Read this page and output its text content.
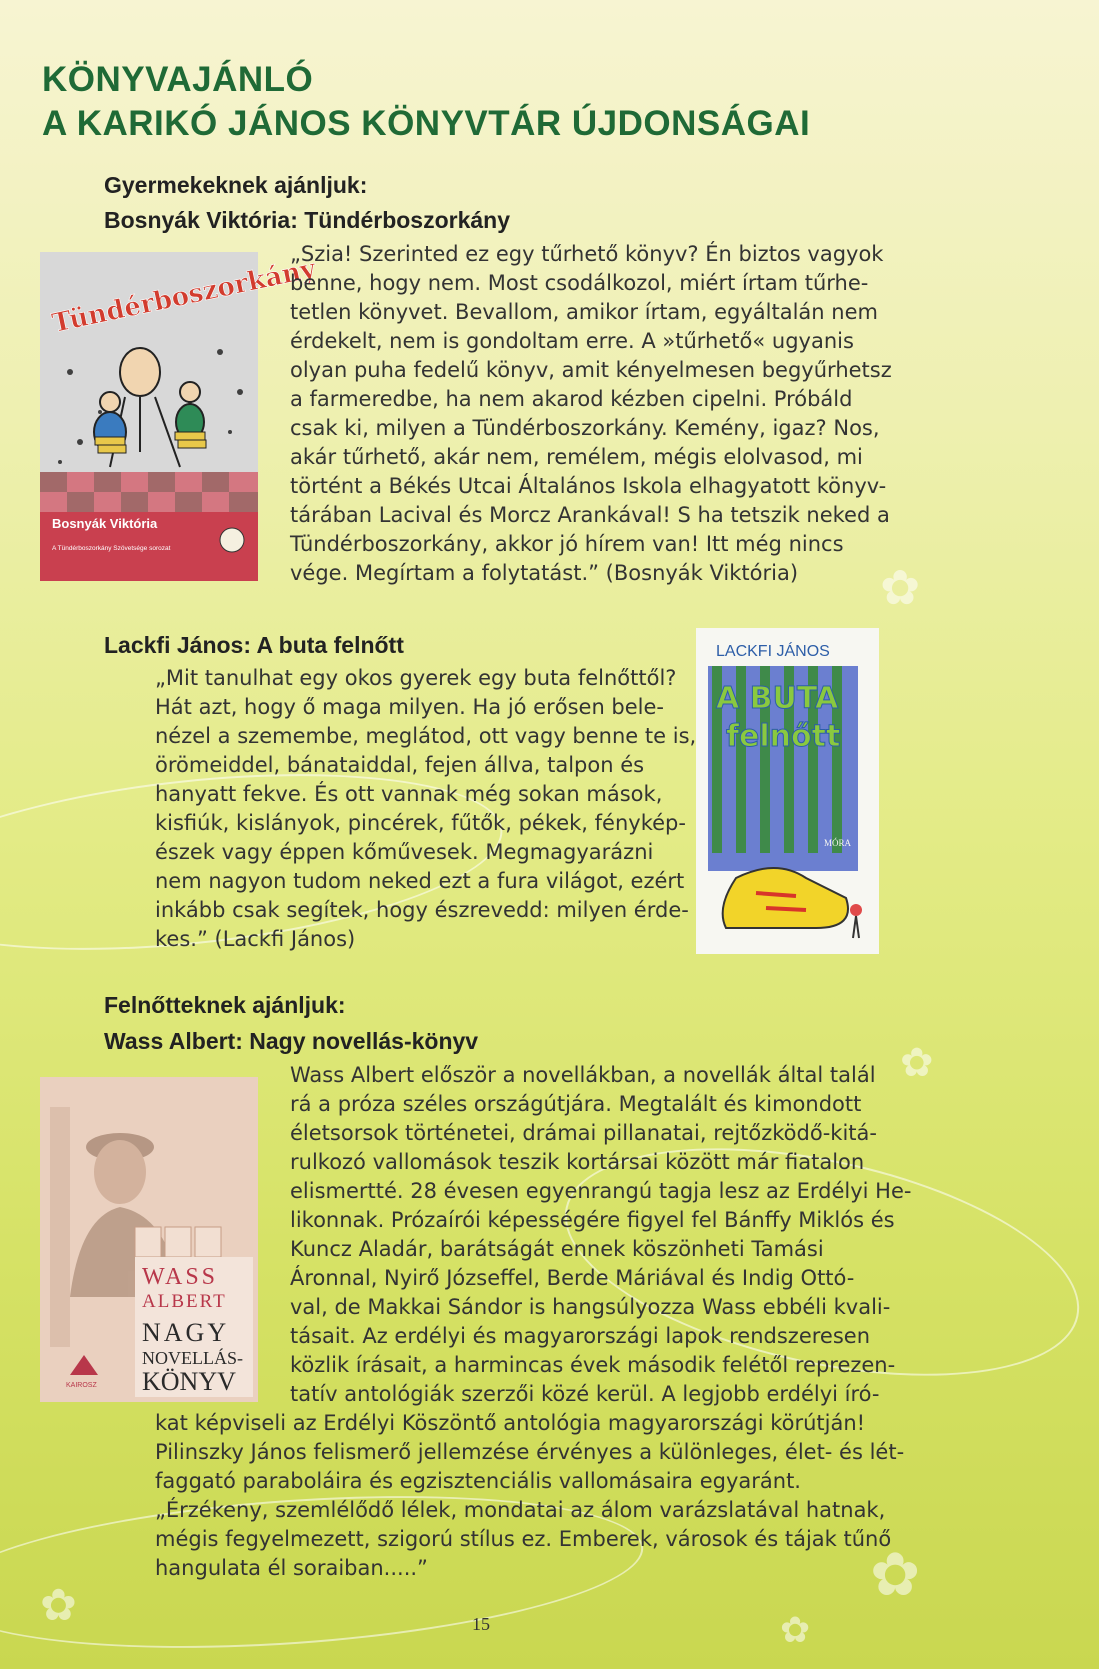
✿
✿
✿
✿	✿
KÖNYVAJÁNLÓ
A KARIKÓ JÁNOS KÖNYVTÁR ÚJDONSÁGAI

Gyermekeknek ajánljuk:

Bosnyák Viktória: Tündérboszorkány

Tündérboszorkány
Bosnyák Viktória
A Tündérboszorkány Szövetsége sorozat
„Szia! Szerinted ez egy tűrhető könyv? Én biztos vagyok
benne, hogy nem. Most csodálkozol, miért írtam tűrhe-
tetlen könyvet. Bevallom, amikor írtam, egyáltalán nem
érdekelt, nem is gondoltam erre. A »tűrhető« ugyanis
olyan puha fedelű könyv, amit kényelmesen begyűrhetsz
a farmeredbe, ha nem akarod kézben cipelni. Próbáld
csak ki, milyen a Tündérboszorkány. Kemény, igaz? Nos,
akár tűrhető, akár nem, remélem, mégis elolvasod, mi
történt a Békés Utcai Általános Iskola elhagyatott könyv-
tárában Lacival és Morcz Arankával! S ha tetszik neked a
Tündérboszorkány, akkor jó hírem van! Itt még nincs
vége. Megírtam a folytatást.” (Bosnyák Viktória)

Lackfi János: A buta felnőtt

„Mit tanulhat egy okos gyerek egy buta felnőttől?
Hát azt, hogy ő maga milyen. Ha jó erősen bele-
nézel a szemembe, meglátod, ott vagy benne te is,
örömeiddel, bánataiddal, fejen állva, talpon és
hanyatt fekve. És ott vannak még sokan mások,
kisfiúk, kislányok, pincérek, fűtők, pékek, fénykép-
észek vagy éppen kőművesek. Megmagyarázni
nem nagyon tudom neked ezt a fura világot, ezért
inkább csak segítek, hogy észrevedd: milyen érde-
kes.” (Lackfi János)
LACKFI JÁNOS
A BUTA
felnőtt
MÓRA

Felnőtteknek ajánljuk:

Wass Albert: Nagy novellás-könyv

WASS
ALBERT
NAGY
NOVELLÁS-
KÖNYV
KAIROSZ
Wass Albert először a novellákban, a novellák által talál
rá a próza széles országútjára. Megtalált és kimondott
életsorsok történetei, drámai pillanatai, rejtőzködő-kitá-
rulkozó vallomások teszik kortársai között már fiatalon
elismertté. 28 évesen egyenrangú tagja lesz az Erdélyi He-
likonnak. Prózaírói képességére figyel fel Bánffy Miklós és
Kuncz Aladár, barátságát ennek köszönheti Tamási
Áronnal, Nyirő Józseffel, Berde Máriával és Indig Ottó-
val, de Makkai Sándor is hangsúlyozza Wass ebbéli kvali-
tásait. Az erdélyi és magyarországi lapok rendszeresen
közlik írásait, a harmincas évek második felétől reprezen-
tatív antológiák szerzői közé kerül. A legjobb erdélyi író-
kat képviseli az Erdélyi Köszöntő antológia magyarországi körútján!
Pilinszky János felismerő jellemzése érvényes a különleges, élet- és lét-
faggató paraboláira és egzisztenciális vallomásaira egyaránt.
„Érzékeny, szemlélődő lélek, mondatai az álom varázslatával hatnak,
mégis fegyelmezett, szigorú stílus ez. Emberek, városok és tájak tűnő
hangulata él soraiban.....”
15
